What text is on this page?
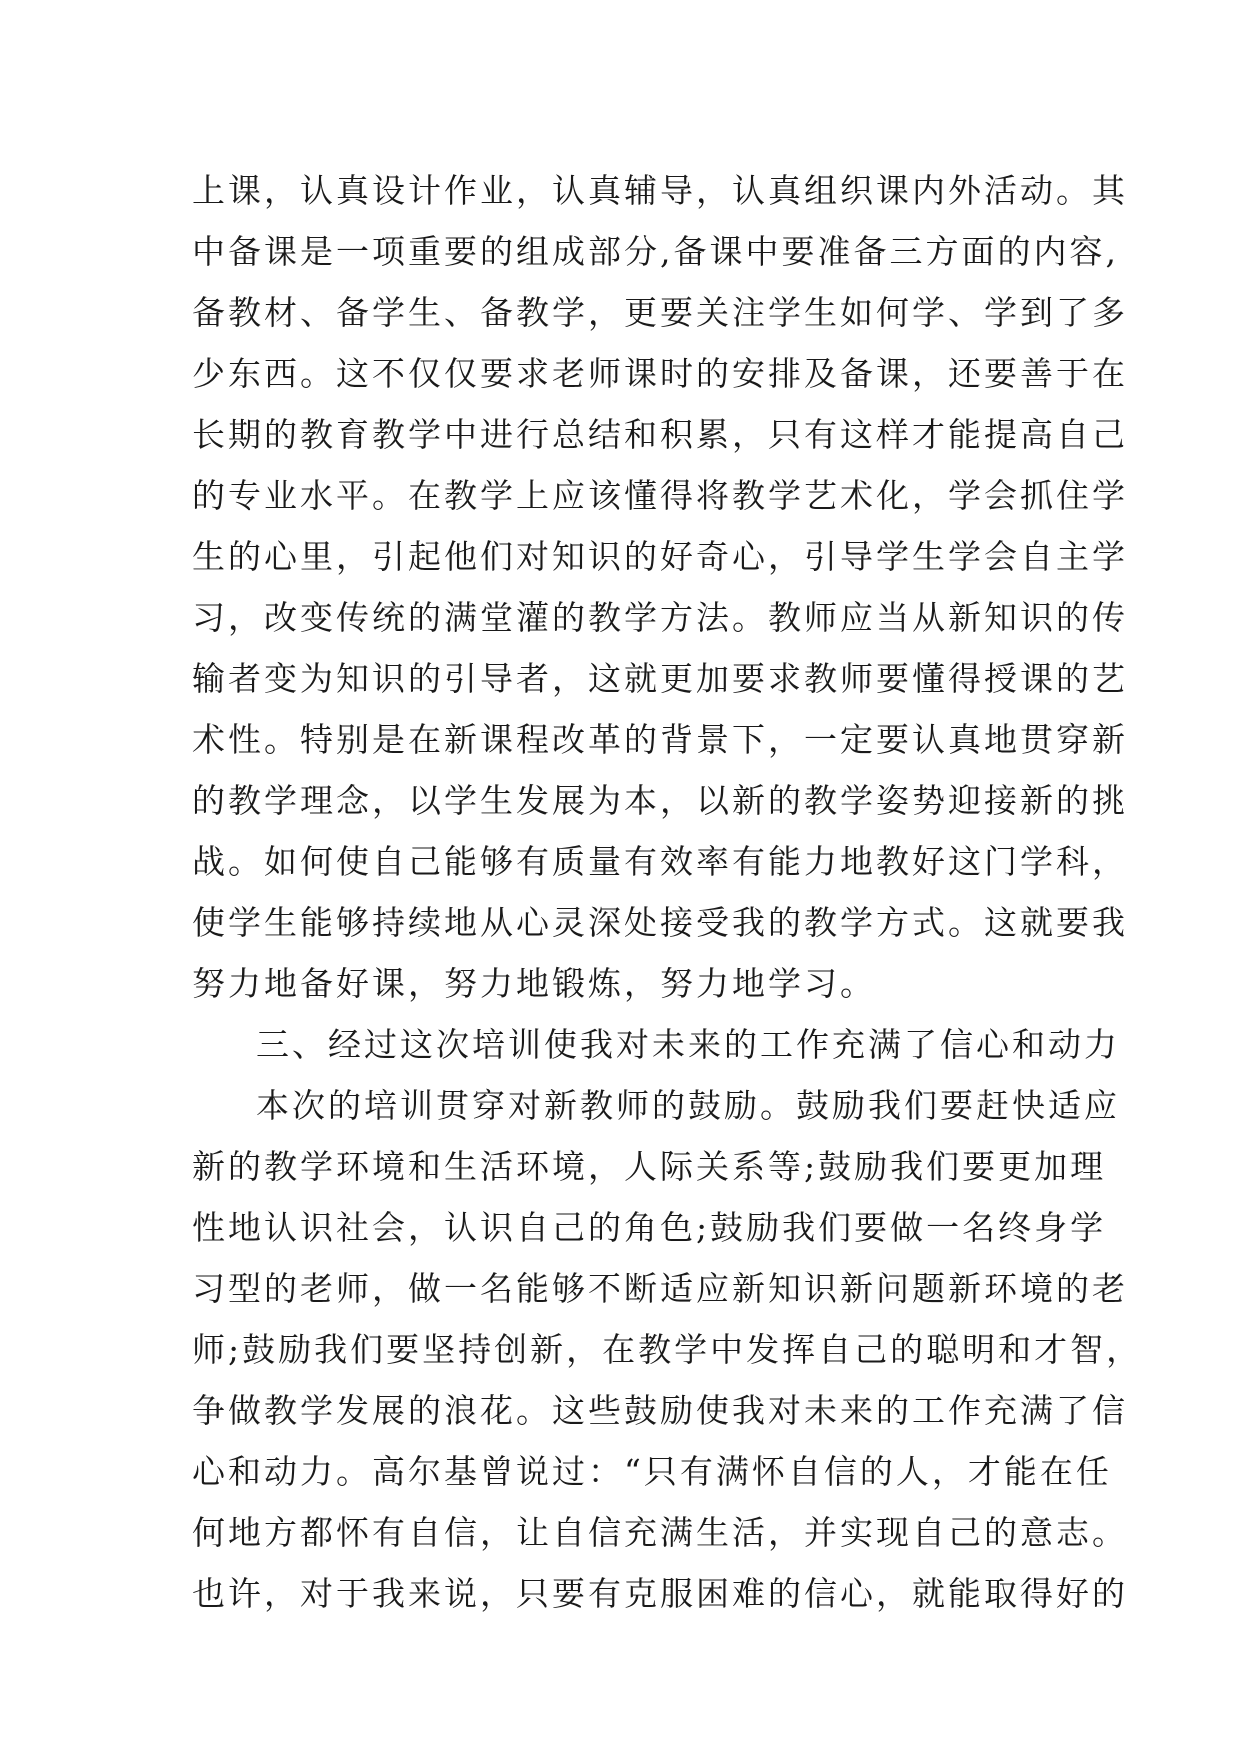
上课，认真设计作业，认真辅导，认真组织课内外活动。其
中备课是一项重要的组成部分,备课中要准备三方面的内容,
备教材、备学生、备教学，更要关注学生如何学、学到了多
少东西。这不仅仅要求老师课时的安排及备课，还要善于在
长期的教育教学中进行总结和积累，只有这样才能提高自己
的专业水平。在教学上应该懂得将教学艺术化，学会抓住学
生的心里，引起他们对知识的好奇心，引导学生学会自主学
习，改变传统的满堂灌的教学方法。教师应当从新知识的传
输者变为知识的引导者，这就更加要求教师要懂得授课的艺
术性。特别是在新课程改革的背景下，一定要认真地贯穿新
的教学理念，以学生发展为本，以新的教学姿势迎接新的挑
战。如何使自己能够有质量有效率有能力地教好这门学科，
使学生能够持续地从心灵深处接受我的教学方式。这就要我
努力地备好课，努力地锻炼，努力地学习。
三、经过这次培训使我对未来的工作充满了信心和动力
本次的培训贯穿对新教师的鼓励。鼓励我们要赶快适应
新的教学环境和生活环境，人际关系等;鼓励我们要更加理
性地认识社会，认识自己的角色;鼓励我们要做一名终身学
习型的老师，做一名能够不断适应新知识新问题新环境的老
师;鼓励我们要坚持创新，在教学中发挥自己的聪明和才智，
争做教学发展的浪花。这些鼓励使我对未来的工作充满了信
心和动力。高尔基曾说过：“只有满怀自信的人，才能在任
何地方都怀有自信，让自信充满生活，并实现自己的意志。
也许，对于我来说，只要有克服困难的信心，就能取得好的
